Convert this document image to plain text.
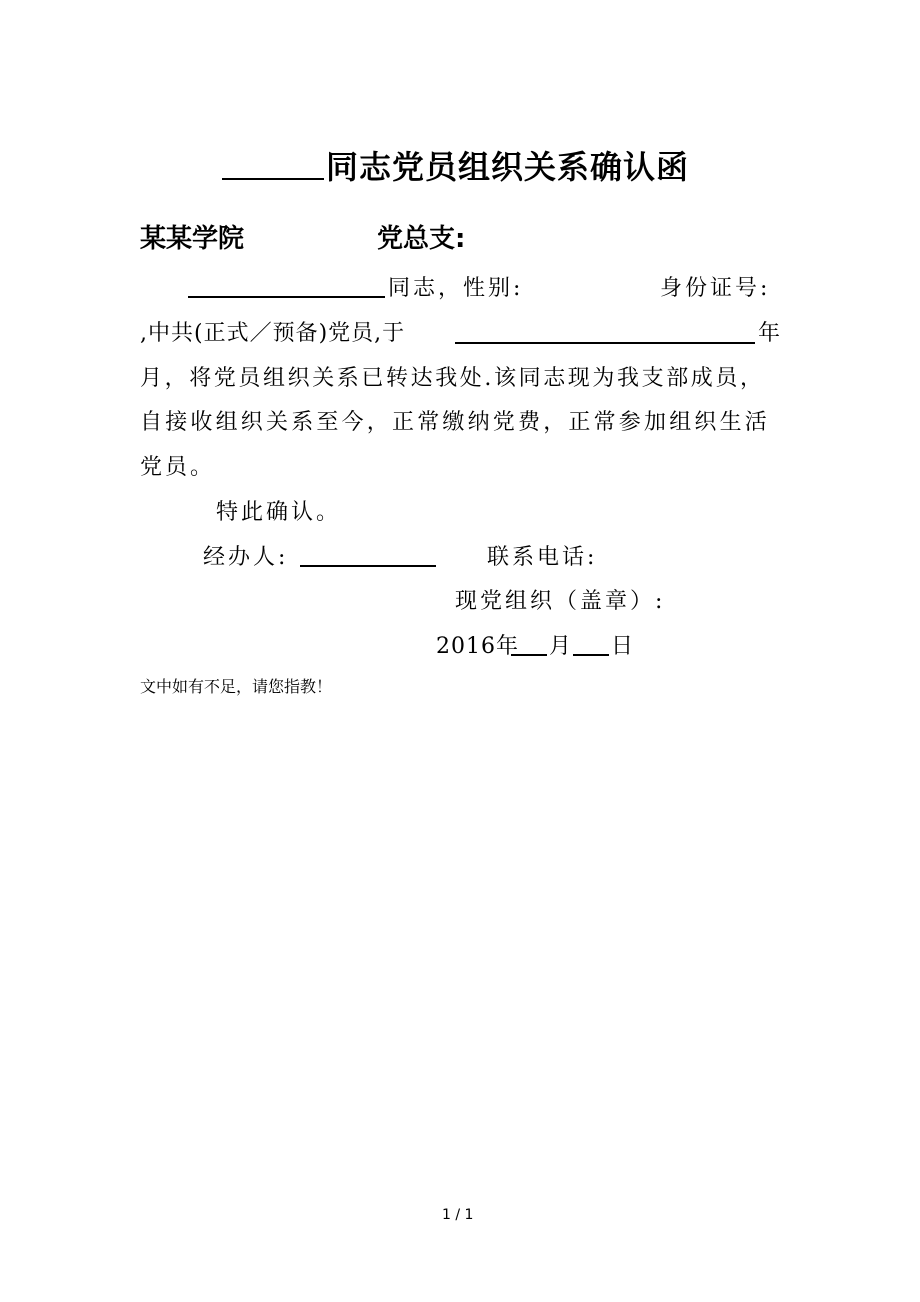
同志党员组织关系确认函
某某学院	党总支:
同志，性别:	身份证号:
,中共(正式／预备)党员,于	年
月，将党员组织关系已转达我处.该同志现为我支部成员，
自接收组织关系至今，正常缴纳党费，正常参加组织生活
党员。
特此确认。
经办人:	联系电话:
现党组织（盖章）:
2016年 月 日
文中如有不足，请您指教！
1 / 1
